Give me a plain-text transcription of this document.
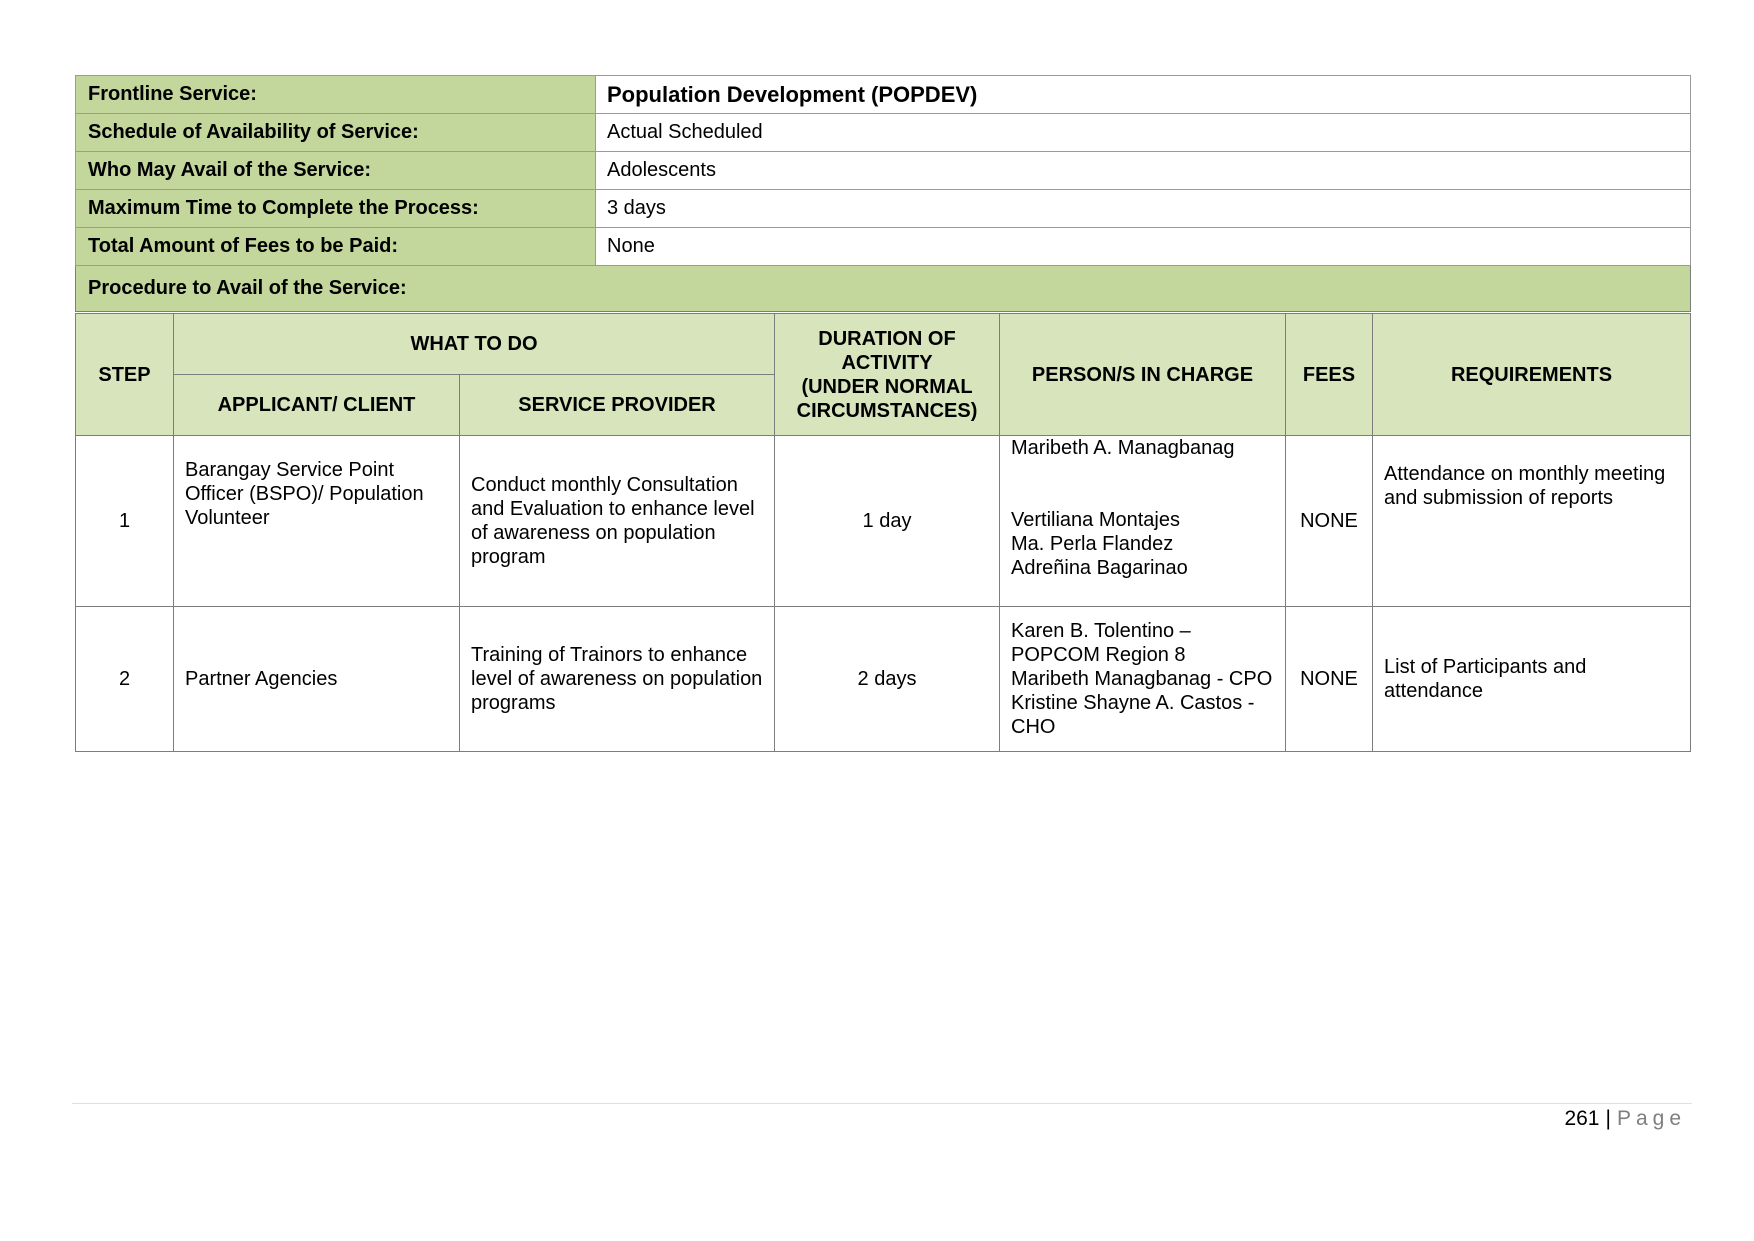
Frontline Service:	Population Development (POPDEV)
Schedule of Availability of Service:	Actual Scheduled
Who May Avail of the Service:	Adolescents
Maximum Time to Complete the Process:	3 days
Total Amount of Fees to be Paid:	None
Procedure to Avail of the Service:	
STEP	WHAT TO DO		DURATION OF
ACTIVITY
(UNDER NORMAL
CIRCUMSTANCES)	PERSON/S IN CHARGE	FEES	REQUIREMENTS
	APPLICANT/ CLIENT	SERVICE PROVIDER				
1	Barangay Service Point Officer (BSPO)/ Population Volunteer	Conduct monthly Consultation and Evaluation to enhance level of awareness on population program	1 day	Maribeth A. Managbanag
Vertiliana Montajes
Ma. Perla Flandez
Adreñina Bagarinao	NONE	Attendance on monthly meeting and submission of reports
2	Partner Agencies	Training of Trainors to enhance level of awareness on population programs	2 days	Karen B. Tolentino – POPCOM Region 8
Maribeth Managbanag - CPO
Kristine Shayne A. Castos - CHO	NONE	List of Participants and attendance
261 | Page
